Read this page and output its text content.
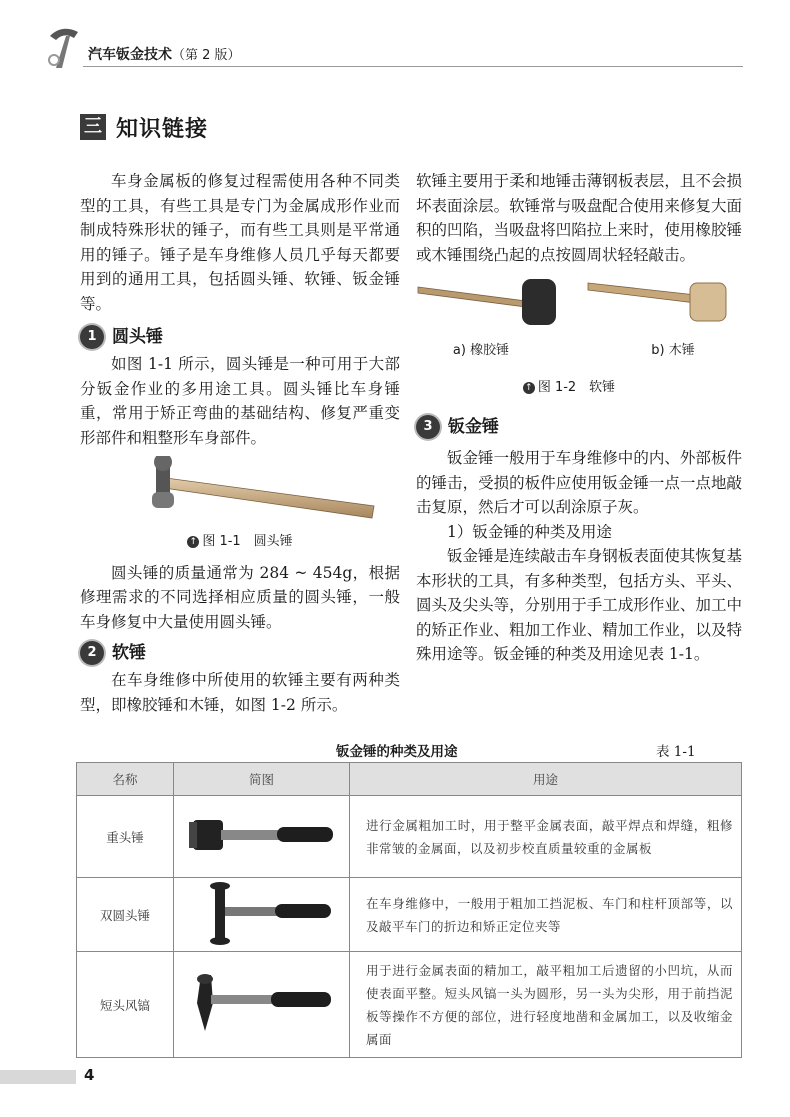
汽车钣金技术（第 2 版）
三 知识链接

车身金属板的修复过程需使用各种不同类型的工具，有些工具是专门为金属成形作业而制成特殊形状的锤子，而有些工具则是平常通用的锤子。锤子是车身维修人员几乎每天都要用到的通用工具，包括圆头锤、软锤、钣金锤等。

1 圆头锤

如图 1-1 所示，圆头锤是一种可用于大部分钣金作业的多用途工具。圆头锤比车身锤重，常用于矫正弯曲的基础结构、修复严重变形部件和粗整形车身部件。

↑ 图 1-1　圆头锤

圆头锤的质量通常为 284 ~ 454g，根据修理需求的不同选择相应质量的圆头锤，一般车身修复中大量使用圆头锤。

2 软锤

在车身维修中所使用的软锤主要有两种类型，即橡胶锤和木锤，如图 1-2 所示。

软锤主要用于柔和地锤击薄钢板表层，且不会损坏表面涂层。软锤常与吸盘配合使用来修复大面积的凹陷，当吸盘将凹陷拉上来时，使用橡胶锤或木锤围绕凸起的点按圆周状轻轻敲击。

a) 橡胶锤	b) 木锤
↑ 图 1-2　软锤
3 钣金锤

钣金锤一般用于车身维修中的内、外部板件的锤击，受损的板件应使用钣金锤一点一点地敲击复原，然后才可以刮涂原子灰。

1）钣金锤的种类及用途

钣金锤是连续敲击车身钢板表面使其恢复基本形状的工具，有多种类型，包括方头、平头、圆头及尖头等，分别用于手工成形作业、加工中的矫正作业、粗加工作业、精加工作业，以及特殊用途等。钣金锤的种类及用途见表 1-1。

钣金锤的种类及用途	表 1-1
名称	简图	用途
重头锤		进行金属粗加工时，用于整平金属表面，敲平焊点和焊缝，粗修非常皱的金属面，以及初步校直质量较重的金属板
双圆头锤		在车身维修中，一般用于粗加工挡泥板、车门和柱杆顶部等，以及敲平车门的折边和矫正定位夹等
短头风镐		用于进行金属表面的精加工，敲平粗加工后遗留的小凹坑，从而使表面平整。短头风镐一头为圆形，另一头为尖形，用于前挡泥板等操作不方便的部位，进行轻度地凿和金属加工，以及收缩金属面
4
